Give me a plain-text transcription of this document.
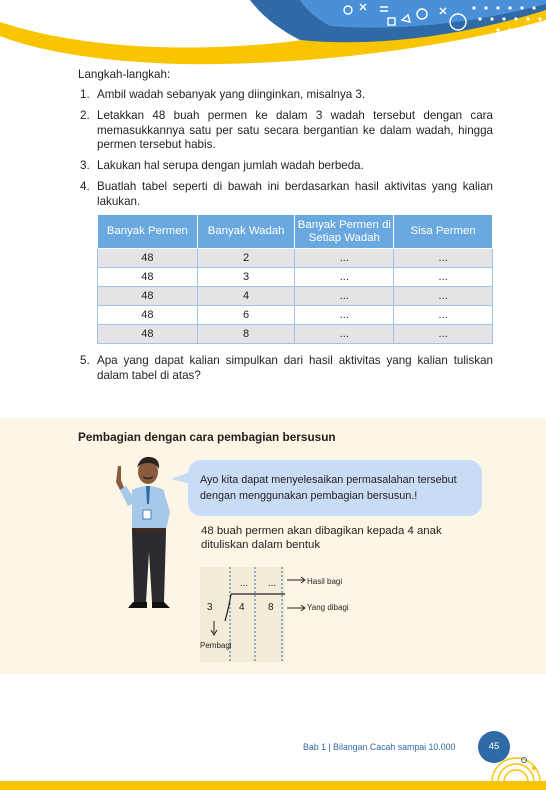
Langkah-langkah:
1. Ambil wadah sebanyak yang diinginkan, misalnya 3.
2. Letakkan 48 buah permen ke dalam 3 wadah tersebut dengan cara memasukkannya satu per satu secara bergantian ke dalam wadah, hingga permen tersebut habis.
3. Lakukan hal serupa dengan jumlah wadah berbeda.
4. Buatlah tabel seperti di bawah ini berdasarkan hasil aktivitas yang kalian lakukan.
Banyak Permen	Banyak Wadah	Banyak Permen di Setiap Wadah	Sisa Permen
48	2	...	...
48	3	...	...
48	4	...	...
48	6	...	...
48	8	...	...
5. Apa yang dapat kalian simpulkan dari hasil aktivitas yang kalian tuliskan dalam tabel di atas?
Pembagian dengan cara pembagian bersusun
Ayo kita dapat menyelesaikan permasalahan tersebut dengan menggunakan pembagian bersusun.!
48 buah permen akan dibagikan kepada 4 anak dituliskan dalam bentuk
...	...
3	4 8
Hasil bagi
Yang dibagi
Pembagi
Bab 1 | Bilangan Cacah sampai 10.000	45
